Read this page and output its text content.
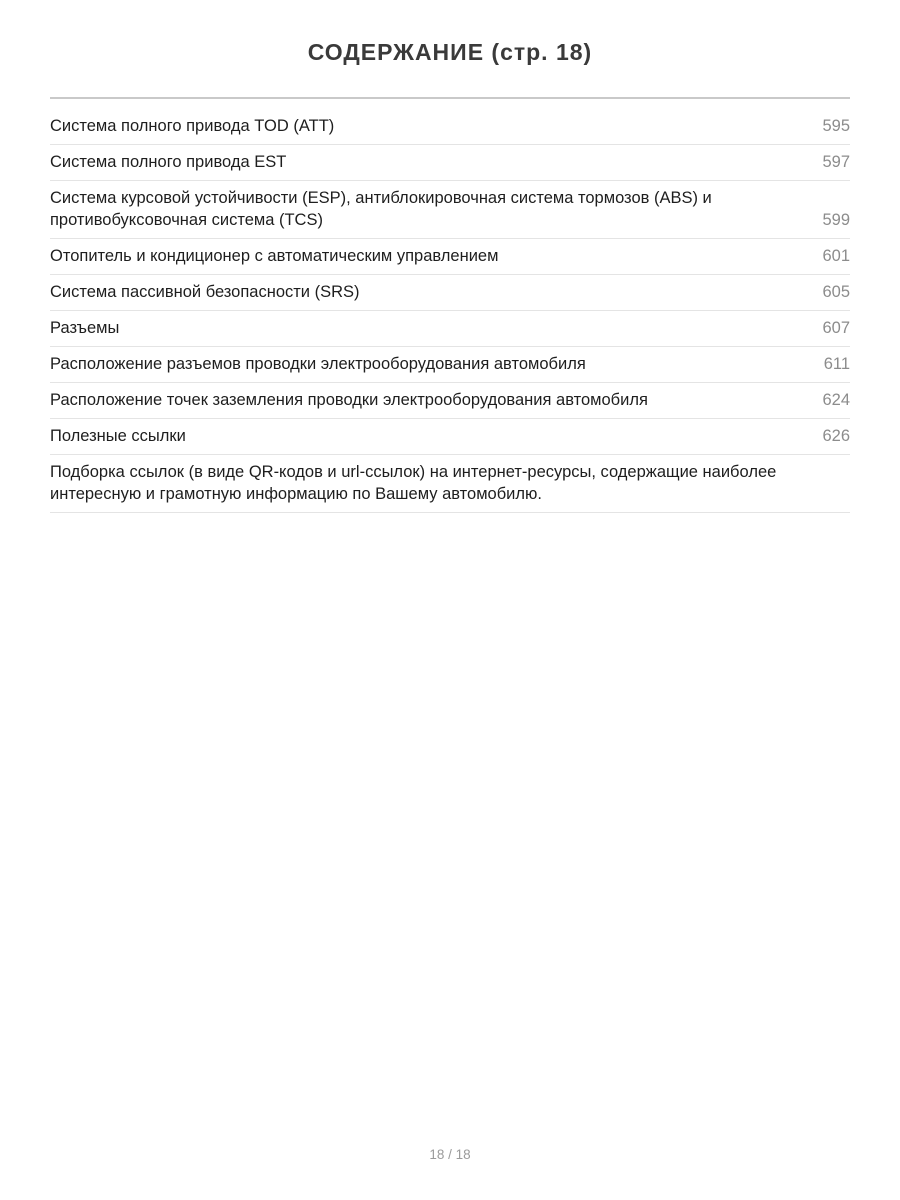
СОДЕРЖАНИЕ (стр. 18)
Система полного привода TOD (ATT)	595
Система полного привода EST	597
Система курсовой устойчивости (ESP), антиблокировочная система тормозов (ABS) и противобуксовочная система (TCS)	599
Отопитель и кондиционер с автоматическим управлением	601
Система пассивной безопасности (SRS)	605
Разъемы	607
Расположение разъемов проводки электрооборудования автомобиля	611
Расположение точек заземления проводки электрооборудования автомобиля	624
Полезные ссылки	626
Подборка ссылок (в виде QR-кодов и url-ссылок) на интернет-ресурсы, содержащие наиболее интересную и грамотную информацию по Вашему автомобилю.
18 / 18
